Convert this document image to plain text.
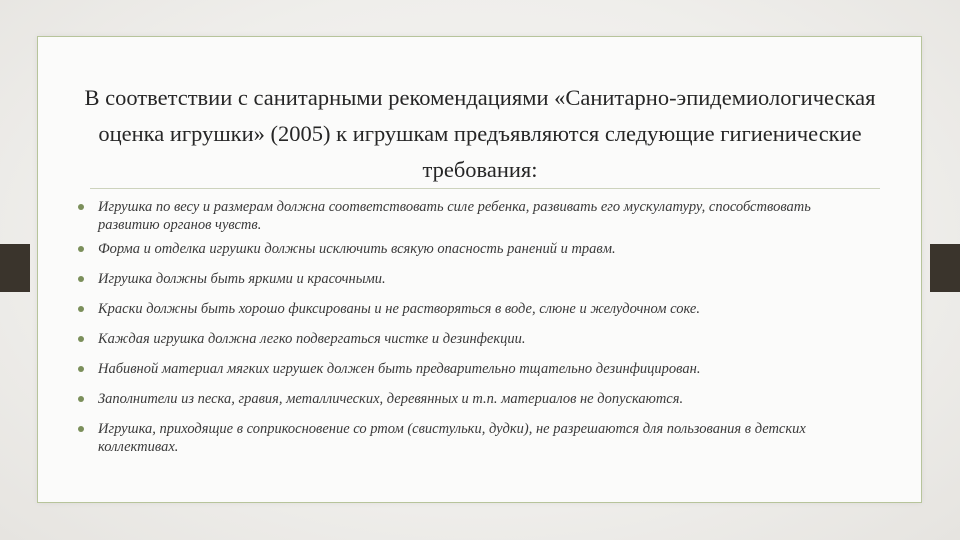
В соответствии с санитарными рекомендациями «Санитарно-эпидемиологическая оценка игрушки» (2005) к игрушкам предъявляются следующие гигиенические требования:
Игрушка по весу и размерам должна соответствовать силе ребенка, развивать его мускулатуру, способствовать развитию органов чувств.
Форма и отделка игрушки должны исключить всякую опасность ранений и травм.
Игрушка должны быть яркими и красочными.
Краски должны быть хорошо фиксированы и не растворяться в воде, слюне и желудочном соке.
Каждая игрушка должна легко подвергаться чистке и дезинфекции.
Набивной материал мягких игрушек должен быть предварительно тщательно дезинфицирован.
Заполнители из песка, гравия, металлических, деревянных и т.п. материалов не допускаются.
Игрушка, приходящие в соприкосновение со ртом (свистульки, дудки), не разрешаются для пользования в детских коллективах.
